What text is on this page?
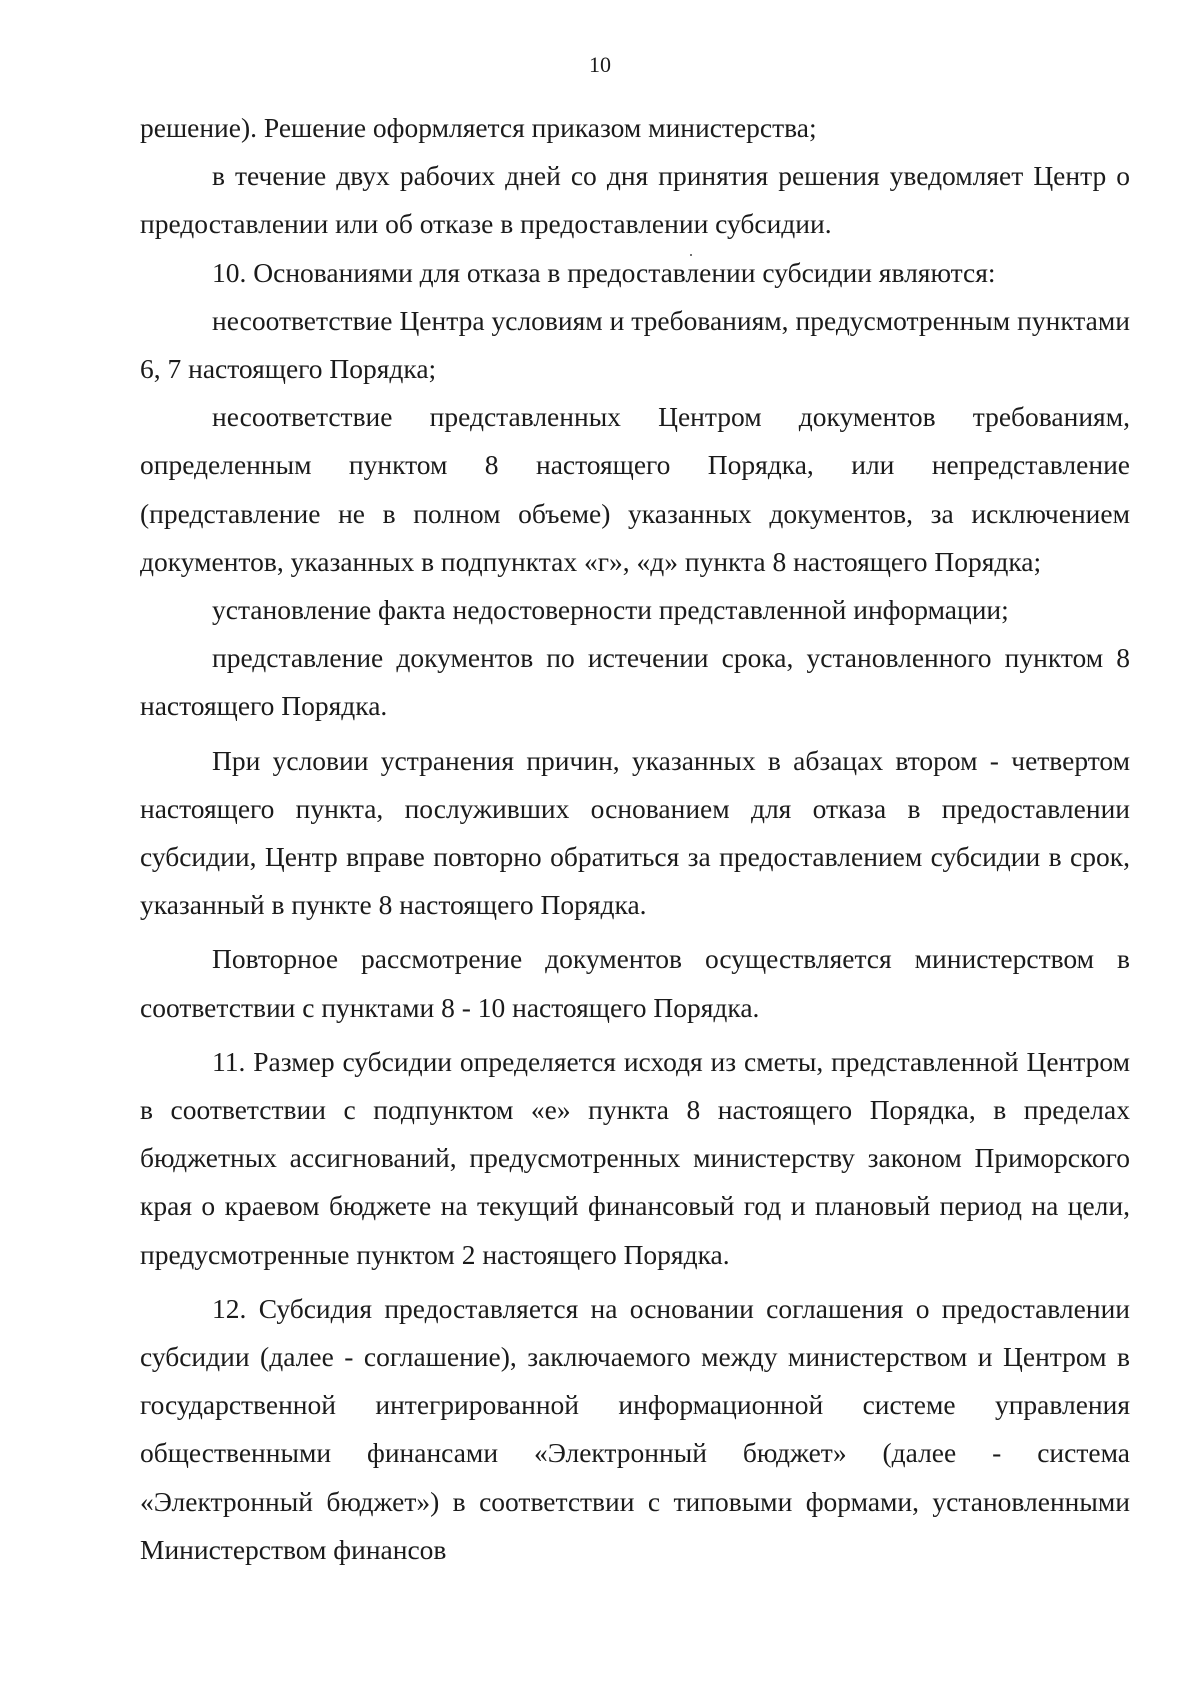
10

решение). Решение оформляется приказом министерства;

в течение двух рабочих дней со дня принятия решения уведомляет Центр о предоставлении или об отказе в предоставлении субсидии.

10. Основаниями для отказа в предоставлении субсидии являются:

несоответствие Центра условиям и требованиям, предусмотренным пунктами 6, 7 настоящего Порядка;

несоответствие представленных Центром документов требованиям, определенным пунктом 8 настоящего Порядка, или непредставление (представление не в полном объеме) указанных документов, за исключением документов, указанных в подпунктах «г», «д» пункта 8 настоящего Порядка;

установление факта недостоверности представленной информации;

представление документов по истечении срока, установленного пунктом 8 настоящего Порядка.

При условии устранения причин, указанных в абзацах втором - четвертом настоящего пункта, послуживших основанием для отказа в предоставлении субсидии, Центр вправе повторно обратиться за предоставлением субсидии в срок, указанный в пункте 8 настоящего Порядка.

Повторное рассмотрение документов осуществляется министерством в соответствии с пунктами 8 - 10 настоящего Порядка.

11. Размер субсидии определяется исходя из сметы, представленной Центром в соответствии с подпунктом «е» пункта 8 настоящего Порядка, в пределах бюджетных ассигнований, предусмотренных министерству законом Приморского края о краевом бюджете на текущий финансовый год и плановый период на цели, предусмотренные пунктом 2 настоящего Порядка.

12. Субсидия предоставляется на основании соглашения о предоставлении субсидии (далее - соглашение), заключаемого между министерством и Центром в государственной интегрированной информационной системе управления общественными финансами «Электронный бюджет» (далее - система «Электронный бюджет») в соответствии с типовыми формами, установленными Министерством финансов
